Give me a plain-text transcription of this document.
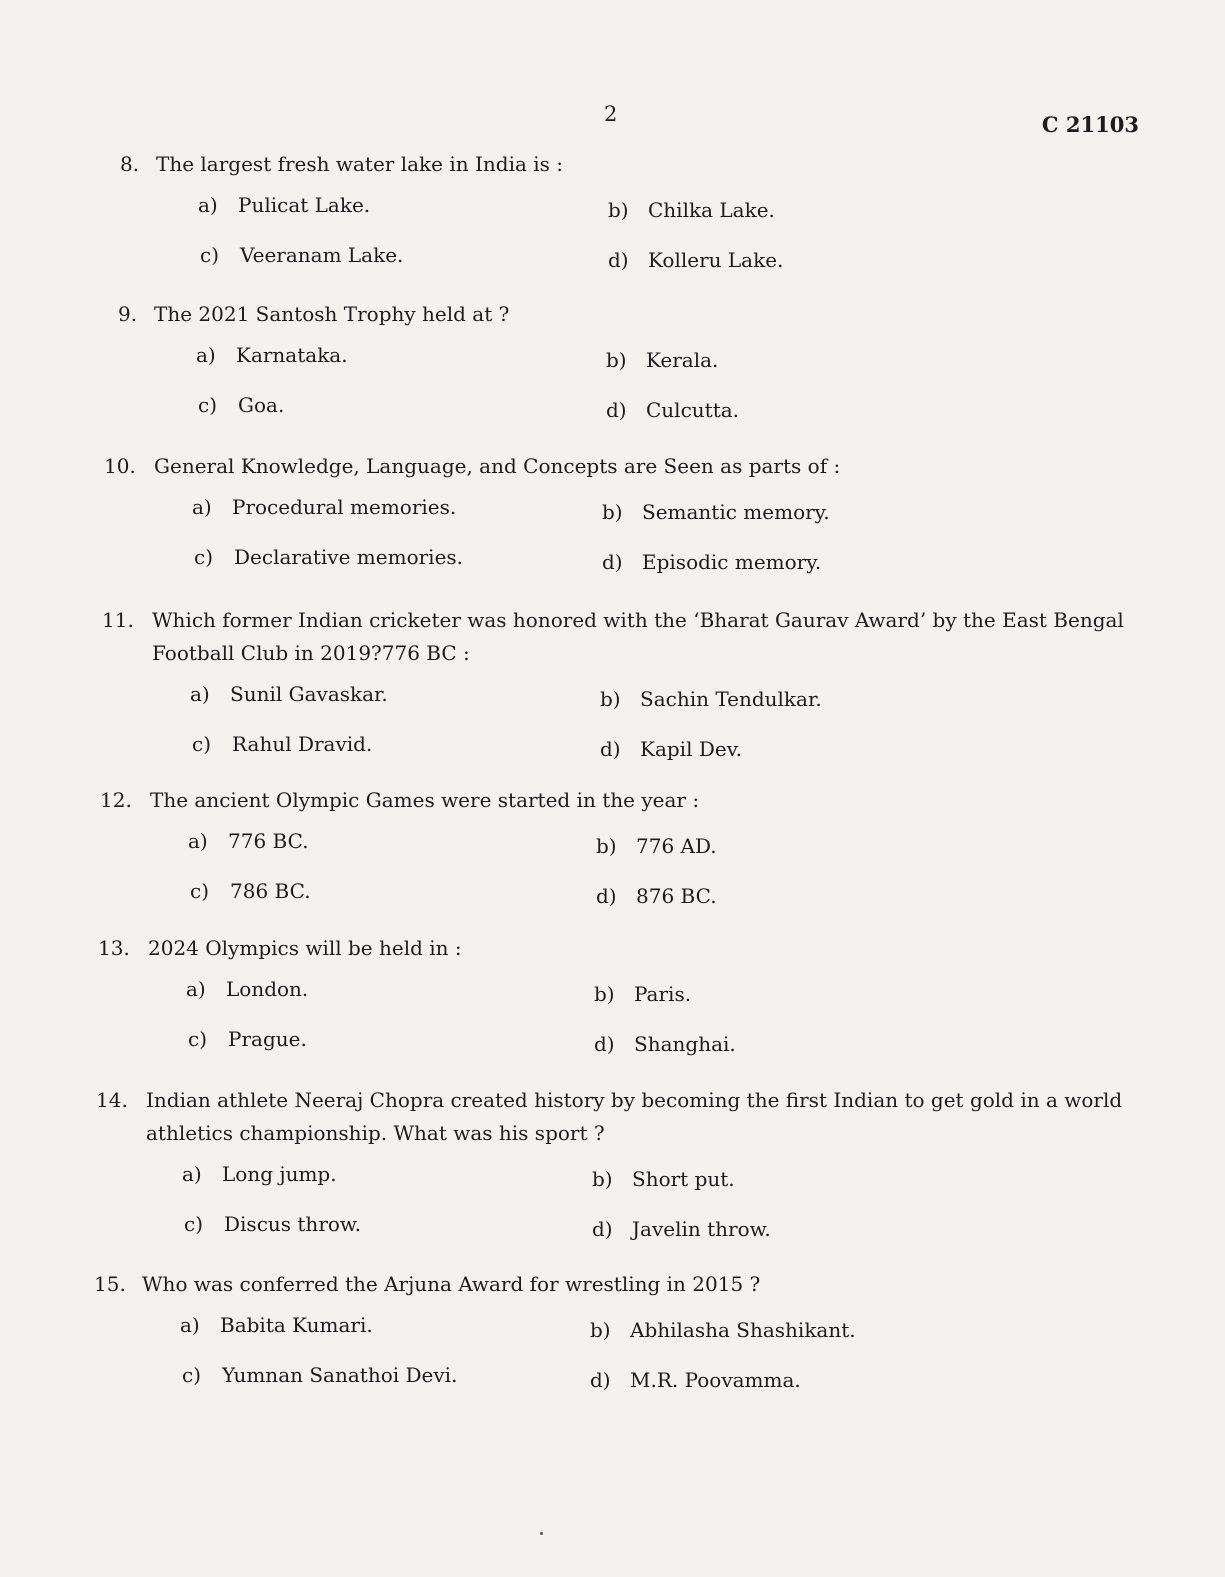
2	C 21103
8. The largest fresh water lake in India is :
a) Pulicat Lake.	b) Chilka Lake.
c) Veeranam Lake.	d) Kolleru Lake.
9. The 2021 Santosh Trophy held at ?
a) Karnataka.	b) Kerala.
c) Goa.	d) Culcutta.
10. General Knowledge, Language, and Concepts are Seen as parts of :
a) Procedural memories.	b) Semantic memory.
c) Declarative memories.	d) Episodic memory.
11. Which former Indian cricketer was honored with the ‘Bharat Gaurav Award’ by the East Bengal Football Club in 2019?776 BC :
a) Sunil Gavaskar.	b) Sachin Tendulkar.
c) Rahul Dravid.	d) Kapil Dev.
12. The ancient Olympic Games were started in the year :
a) 776 BC.	b) 776 AD.
c) 786 BC.	d) 876 BC.
13. 2024 Olympics will be held in :
a) London.	b) Paris.
c) Prague.	d) Shanghai.
14. Indian athlete Neeraj Chopra created history by becoming the first Indian to get gold in a world athletics championship. What was his sport ?
a) Long jump.	b) Short put.
c) Discus throw.	d) Javelin throw.
15. Who was conferred the Arjuna Award for wrestling in 2015 ?
a) Babita Kumari.	b) Abhilasha Shashikant.
c) Yumnan Sanathoi Devi.	d) M.R. Poovamma.
